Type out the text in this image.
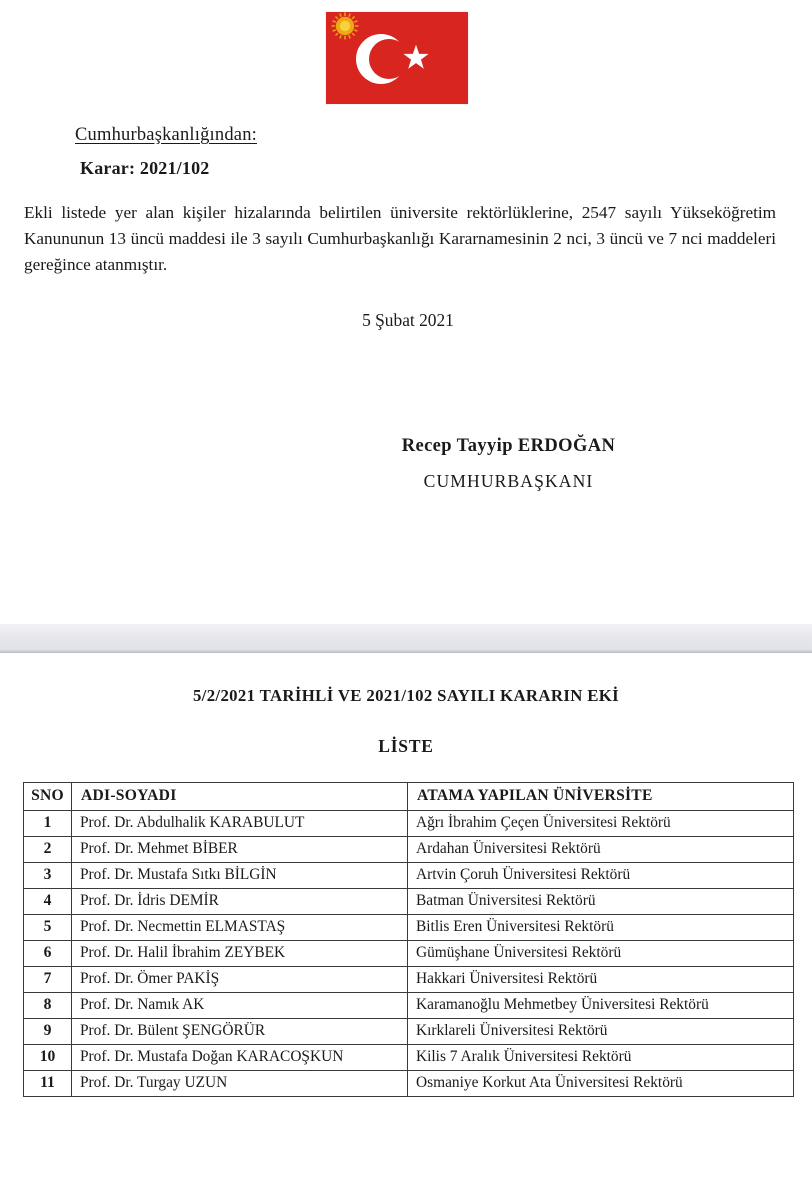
Cumhurbaşkanlığından:
Karar: 2021/102
Ekli listede yer alan kişiler hizalarında belirtilen üniversite rektörlüklerine, 2547 sayılı Yükseköğretim Kanununun 13 üncü maddesi ile 3 sayılı Cumhurbaşkanlığı Kararnamesinin 2 nci, 3 üncü ve 7 nci maddeleri gereğince atanmıştır.
5 Şubat 2021
Recep Tayyip ERDOĞAN
CUMHURBAŞKANI
5/2/2021 TARİHLİ VE 2021/102 SAYILI KARARIN EKİ
LİSTE
SNO	ADI-SOYADI	ATAMA YAPILAN ÜNİVERSİTE
1	Prof. Dr. Abdulhalik KARABULUT	Ağrı İbrahim Çeçen Üniversitesi Rektörü
2	Prof. Dr. Mehmet BİBER	Ardahan Üniversitesi Rektörü
3	Prof. Dr. Mustafa Sıtkı BİLGİN	Artvin Çoruh Üniversitesi Rektörü
4	Prof. Dr. İdris DEMİR	Batman Üniversitesi Rektörü
5	Prof. Dr. Necmettin ELMASTAŞ	Bitlis Eren Üniversitesi Rektörü
6	Prof. Dr. Halil İbrahim ZEYBEK	Gümüşhane Üniversitesi Rektörü
7	Prof. Dr. Ömer PAKİŞ	Hakkari Üniversitesi Rektörü
8	Prof. Dr. Namık AK	Karamanoğlu Mehmetbey Üniversitesi Rektörü
9	Prof. Dr. Bülent ŞENGÖRÜR	Kırklareli Üniversitesi Rektörü
10	Prof. Dr. Mustafa Doğan KARACOŞKUN	Kilis 7 Aralık Üniversitesi Rektörü
11	Prof. Dr. Turgay UZUN	Osmaniye Korkut Ata Üniversitesi Rektörü
